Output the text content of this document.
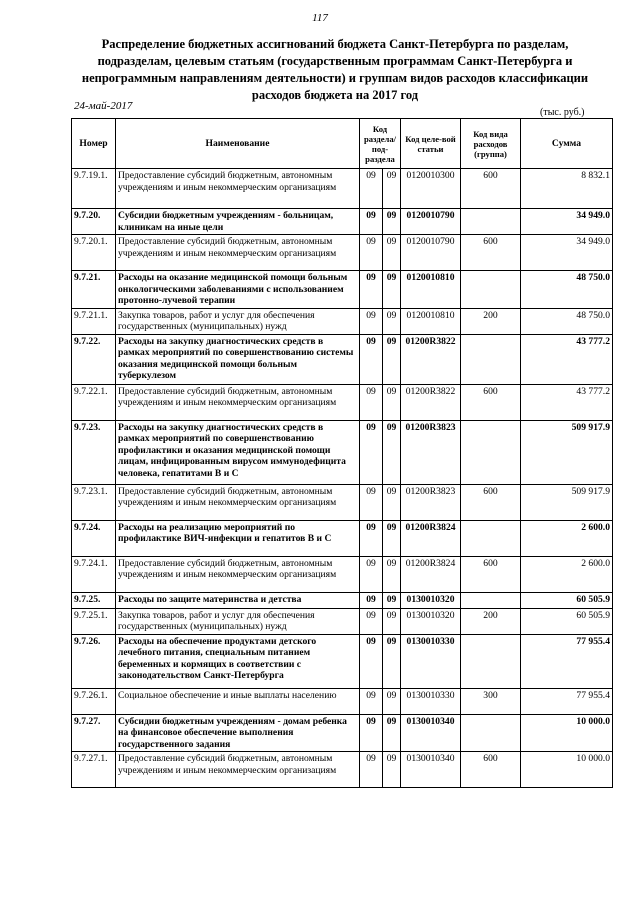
117
Распределение бюджетных ассигнований бюджета Санкт-Петербурга по разделам, подразделам, целевым статьям (государственным программам Санкт-Петербурга и непрограммным направлениям деятельности) и группам видов расходов классификации расходов бюджета на 2017 год
24-май-2017
(тыс. руб.)
Номер	Наименование	Код раздела/ под-раздела		Код целе-вой статьи	Код вида расходов (группа)	Сумма
9.7.19.1.	Предоставление субсидий бюджетным, автономным учреждениям и иным некоммерческим организациям	09	09	0120010300	600	8 832.1
9.7.20.	Субсидии бюджетным учреждениям - больницам, клиникам на иные цели	09	09	0120010790		34 949.0
9.7.20.1.	Предоставление субсидий бюджетным, автономным учреждениям и иным некоммерческим организациям	09	09	0120010790	600	34 949.0
9.7.21.	Расходы на оказание медицинской помощи больным онкологическими заболеваниями с использованием протонно-лучевой терапии	09	09	0120010810		48 750.0
9.7.21.1.	Закупка товаров, работ и услуг для обеспечения государственных (муниципальных) нужд	09	09	0120010810	200	48 750.0
9.7.22.	Расходы на закупку диагностических средств в рамках мероприятий по совершенствованию системы оказания медицинской помощи больным туберкулезом	09	09	01200R3822		43 777.2
9.7.22.1.	Предоставление субсидий бюджетным, автономным учреждениям и иным некоммерческим организациям	09	09	01200R3822	600	43 777.2
9.7.23.	Расходы на закупку диагностических средств в рамках мероприятий по совершенствованию профилактики и оказания медицинской помощи лицам, инфицированным вирусом иммунодефицита человека, гепатитами В и С	09	09	01200R3823		509 917.9
9.7.23.1.	Предоставление субсидий бюджетным, автономным учреждениям и иным некоммерческим организациям	09	09	01200R3823	600	509 917.9
9.7.24.	Расходы на реализацию мероприятий по профилактике ВИЧ-инфекции и гепатитов В и С	09	09	01200R3824		2 600.0
9.7.24.1.	Предоставление субсидий бюджетным, автономным учреждениям и иным некоммерческим организациям	09	09	01200R3824	600	2 600.0
9.7.25.	Расходы по защите материнства и детства	09	09	0130010320		60 505.9
9.7.25.1.	Закупка товаров, работ и услуг для обеспечения государственных (муниципальных) нужд	09	09	0130010320	200	60 505.9
9.7.26.	Расходы на обеспечение продуктами детского лечебного питания, специальным питанием беременных и кормящих в соответствии с законодательством Санкт-Петербурга	09	09	0130010330		77 955.4
9.7.26.1.	Социальное обеспечение и иные выплаты населению	09	09	0130010330	300	77 955.4
9.7.27.	Субсидии бюджетным учреждениям - домам ребенка на финансовое обеспечение выполнения государственного задания	09	09	0130010340		10 000.0
9.7.27.1.	Предоставление субсидий бюджетным, автономным учреждениям и иным некоммерческим организациям	09	09	0130010340	600	10 000.0
